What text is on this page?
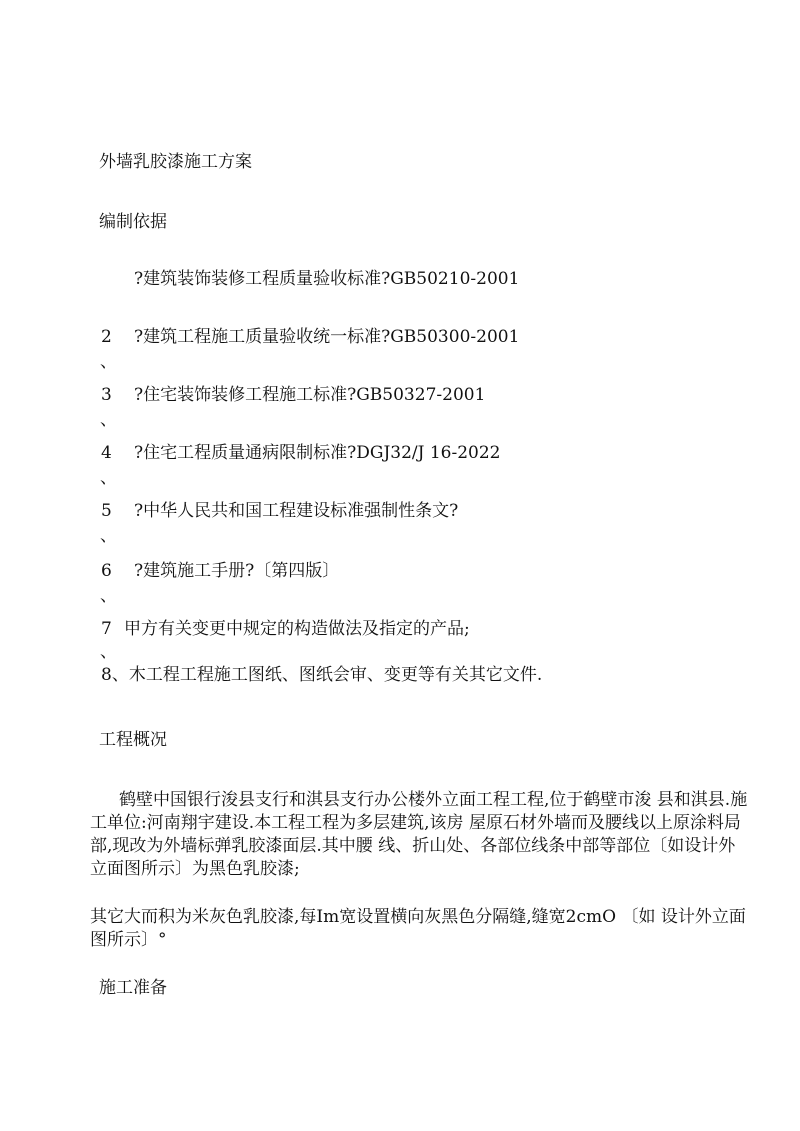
外墙乳胶漆施工方案
编制依据
?建筑装饰装修工程质量验收标准?GB50210-2001
2 ?建筑工程施工质量验收统一标准?GB50300-2001
、
3 ?住宅装饰装修工程施工标准?GB50327-2001
、
4 ?住宅工程质量通病限制标准?DGJ32/J 16-2022
、
5 ?中华人民共和国工程建设标准强制性条文?
、
6 ?建筑施工手册?〔第四版〕
、
7 甲方有关变更中规定的构造做法及指定的产品;
、
8、木工程工程施工图纸、图纸会审、变更等有关其它文件.
工程概况
鹤壁中国银行浚县支行和淇县支行办公楼外立面工程工程,位于鹤壁市浚 县和淇县.施工单位:河南翔宇建设.本工程工程为多层建筑,该房 屋原石材外墙而及腰线以上原涂料局部,现改为外墙标弹乳胶漆面层.其中腰 线、折山处、各部位线条中部等部位〔如设计外立面图所示〕为黑色乳胶漆;
其它大而积为米灰色乳胶漆,每Im宽设置横向灰黑色分隔缝,缝宽2cmO 〔如 设计外立面图所示〕°
施工准备
